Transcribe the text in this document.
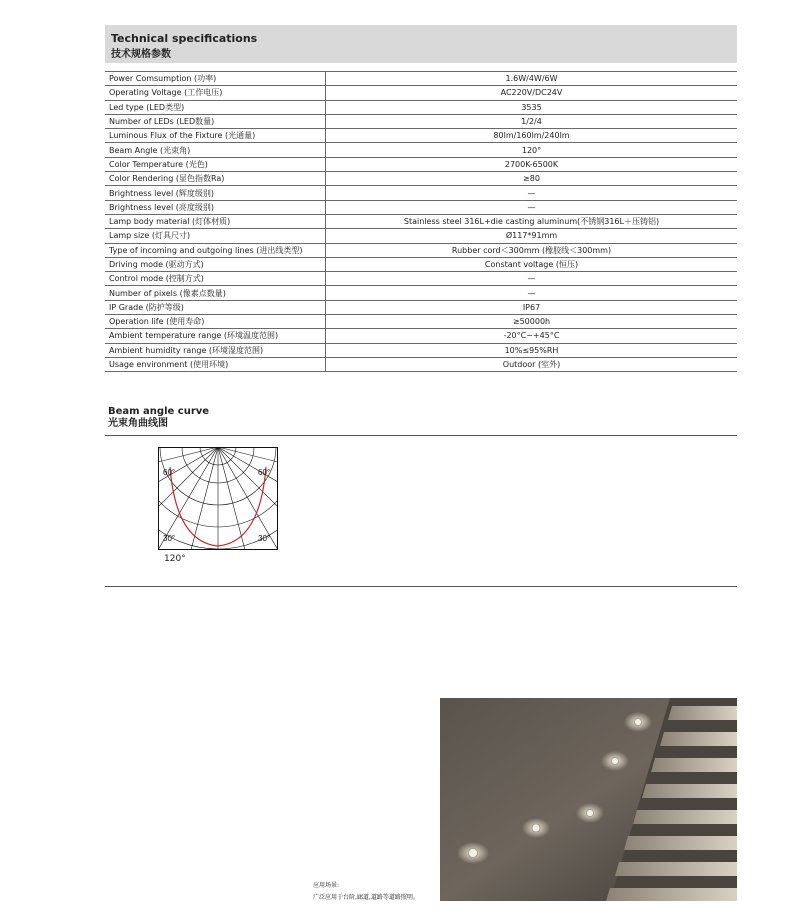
Technical specifications
技术规格参数
Power Comsumption (功率)	1.6W/4W/6W
Operating Voltage (工作电压)	AC220V/DC24V
Led type (LED类型)	3535
Number of LEDs (LED数量)	1/2/4
Luminous Flux of the Fixture (光通量)	80lm/160lm/240lm
Beam Angle (光束角)	120°
Color Temperature (光色)	2700K-6500K
Color Rendering (显色指数Ra)	≥80
Brightness level (辉度级别)	—
Brightness level (亮度级别)	—
Lamp body material (灯体材质)	Stainless steel 316L+die casting aluminum(不锈钢316L＋压铸铝)
Lamp size (灯具尺寸)	Ø117*91mm
Type of incoming and outgoing lines (进出线类型)	Rubber cord＜300mm (橡胶线＜300mm)
Driving mode (驱动方式)	Constant voltage (恒压)
Control mode (控制方式)	—
Number of pixels (像素点数量)	—
IP Grade (防护等级)	IP67
Operation life (使用寿命)	≥50000h
Ambient temperature range (环境温度范围)	-20°C~+45°C
Ambient humidity range (环境湿度范围)	10%≤95%RH
Usage environment (使用环境)	Outdoor (室外)
Beam angle curve
光束角曲线图
60°	60°
30°	30°
120°
应用场景:
广泛应用于台阶,廊道,道路等道路照明。
